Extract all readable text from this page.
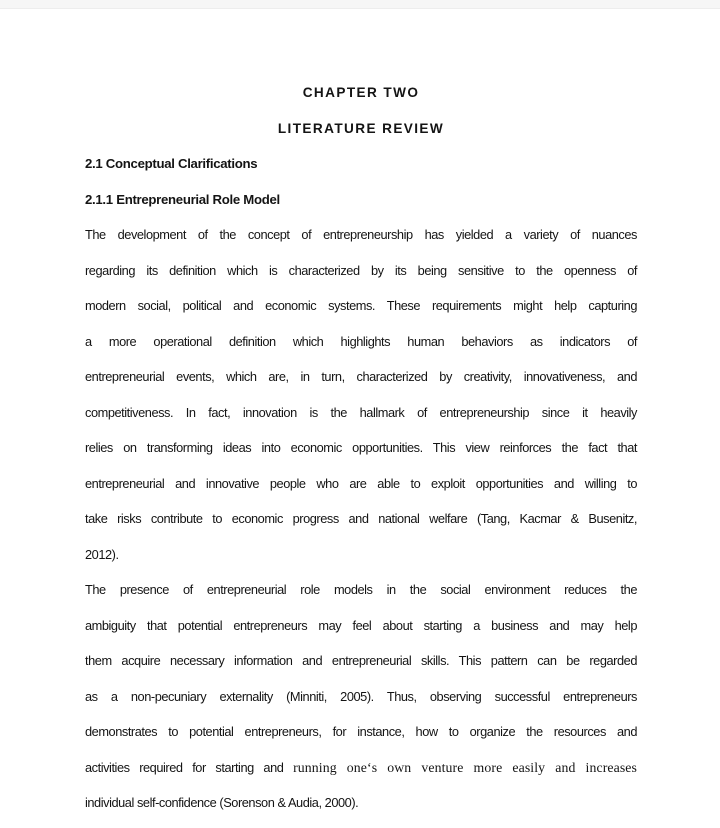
CHAPTER TWO
LITERATURE REVIEW
2.1 Conceptual Clarifications
2.1.1 Entrepreneurial Role Model
The development of the concept of entrepreneurship has yielded a variety of nuances
regarding its definition which is characterized by its being sensitive to the openness of
modern social, political and economic systems. These requirements might help capturing
a more operational definition which highlights human behaviors as indicators of
entrepreneurial events, which are, in turn, characterized by creativity, innovativeness, and
competitiveness. In fact, innovation is the hallmark of entrepreneurship since it heavily
relies on transforming ideas into economic opportunities. This view reinforces the fact that
entrepreneurial and innovative people who are able to exploit opportunities and willing to
take risks contribute to economic progress and national welfare (Tang, Kacmar & Busenitz,
2012).
The presence of entrepreneurial role models in the social environment reduces the
ambiguity that potential entrepreneurs may feel about starting a business and may help
them acquire necessary information and entrepreneurial skills. This pattern can be regarded
as a non-pecuniary externality (Minniti, 2005). Thus, observing successful entrepreneurs
demonstrates to potential entrepreneurs, for instance, how to organize the resources and
activities required for starting and running one‘s own venture more easily and increases
individual self-confidence (Sorenson & Audia, 2000).
